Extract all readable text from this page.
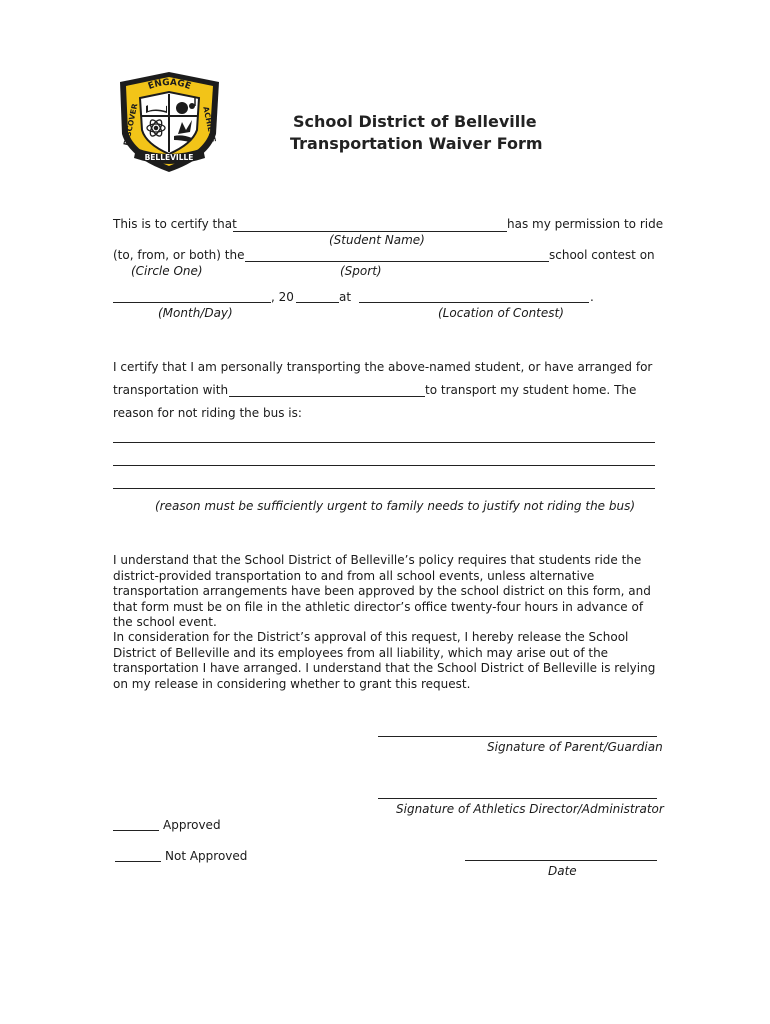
ENGAGE
DISCOVER	ACHIEVE
BELLEVILLE
School District of Belleville
Transportation Waiver Form
This is to certify that	has my permission to ride
(Student Name)
(to, from, or both) the	school contest on
(Circle One)	(Sport)
, 20	at	.
(Month/Day)	(Location of Contest)
I certify that I am personally transporting the above-named student, or have arranged for
transportation with	to transport my student home. The
reason for not riding the bus is:
(reason must be sufficiently urgent to family needs to justify not riding the bus)

I understand that the School District of Belleville’s policy requires that students ride the district-provided transportation to and from all school events, unless alternative transportation arrangements have been approved by the school district on this form, and that form must be on file in the athletic director’s office twenty-four hours in advance of the school event.

In consideration for the District’s approval of this request, I hereby release the School District of Belleville and its employees from all liability, which may arise out of the transportation I have arranged. I understand that the School District of Belleville is relying on my release in considering whether to grant this request.

Signature of Parent/Guardian
Signature of Athletics Director/Administrator
Approved
Not Approved
Date
